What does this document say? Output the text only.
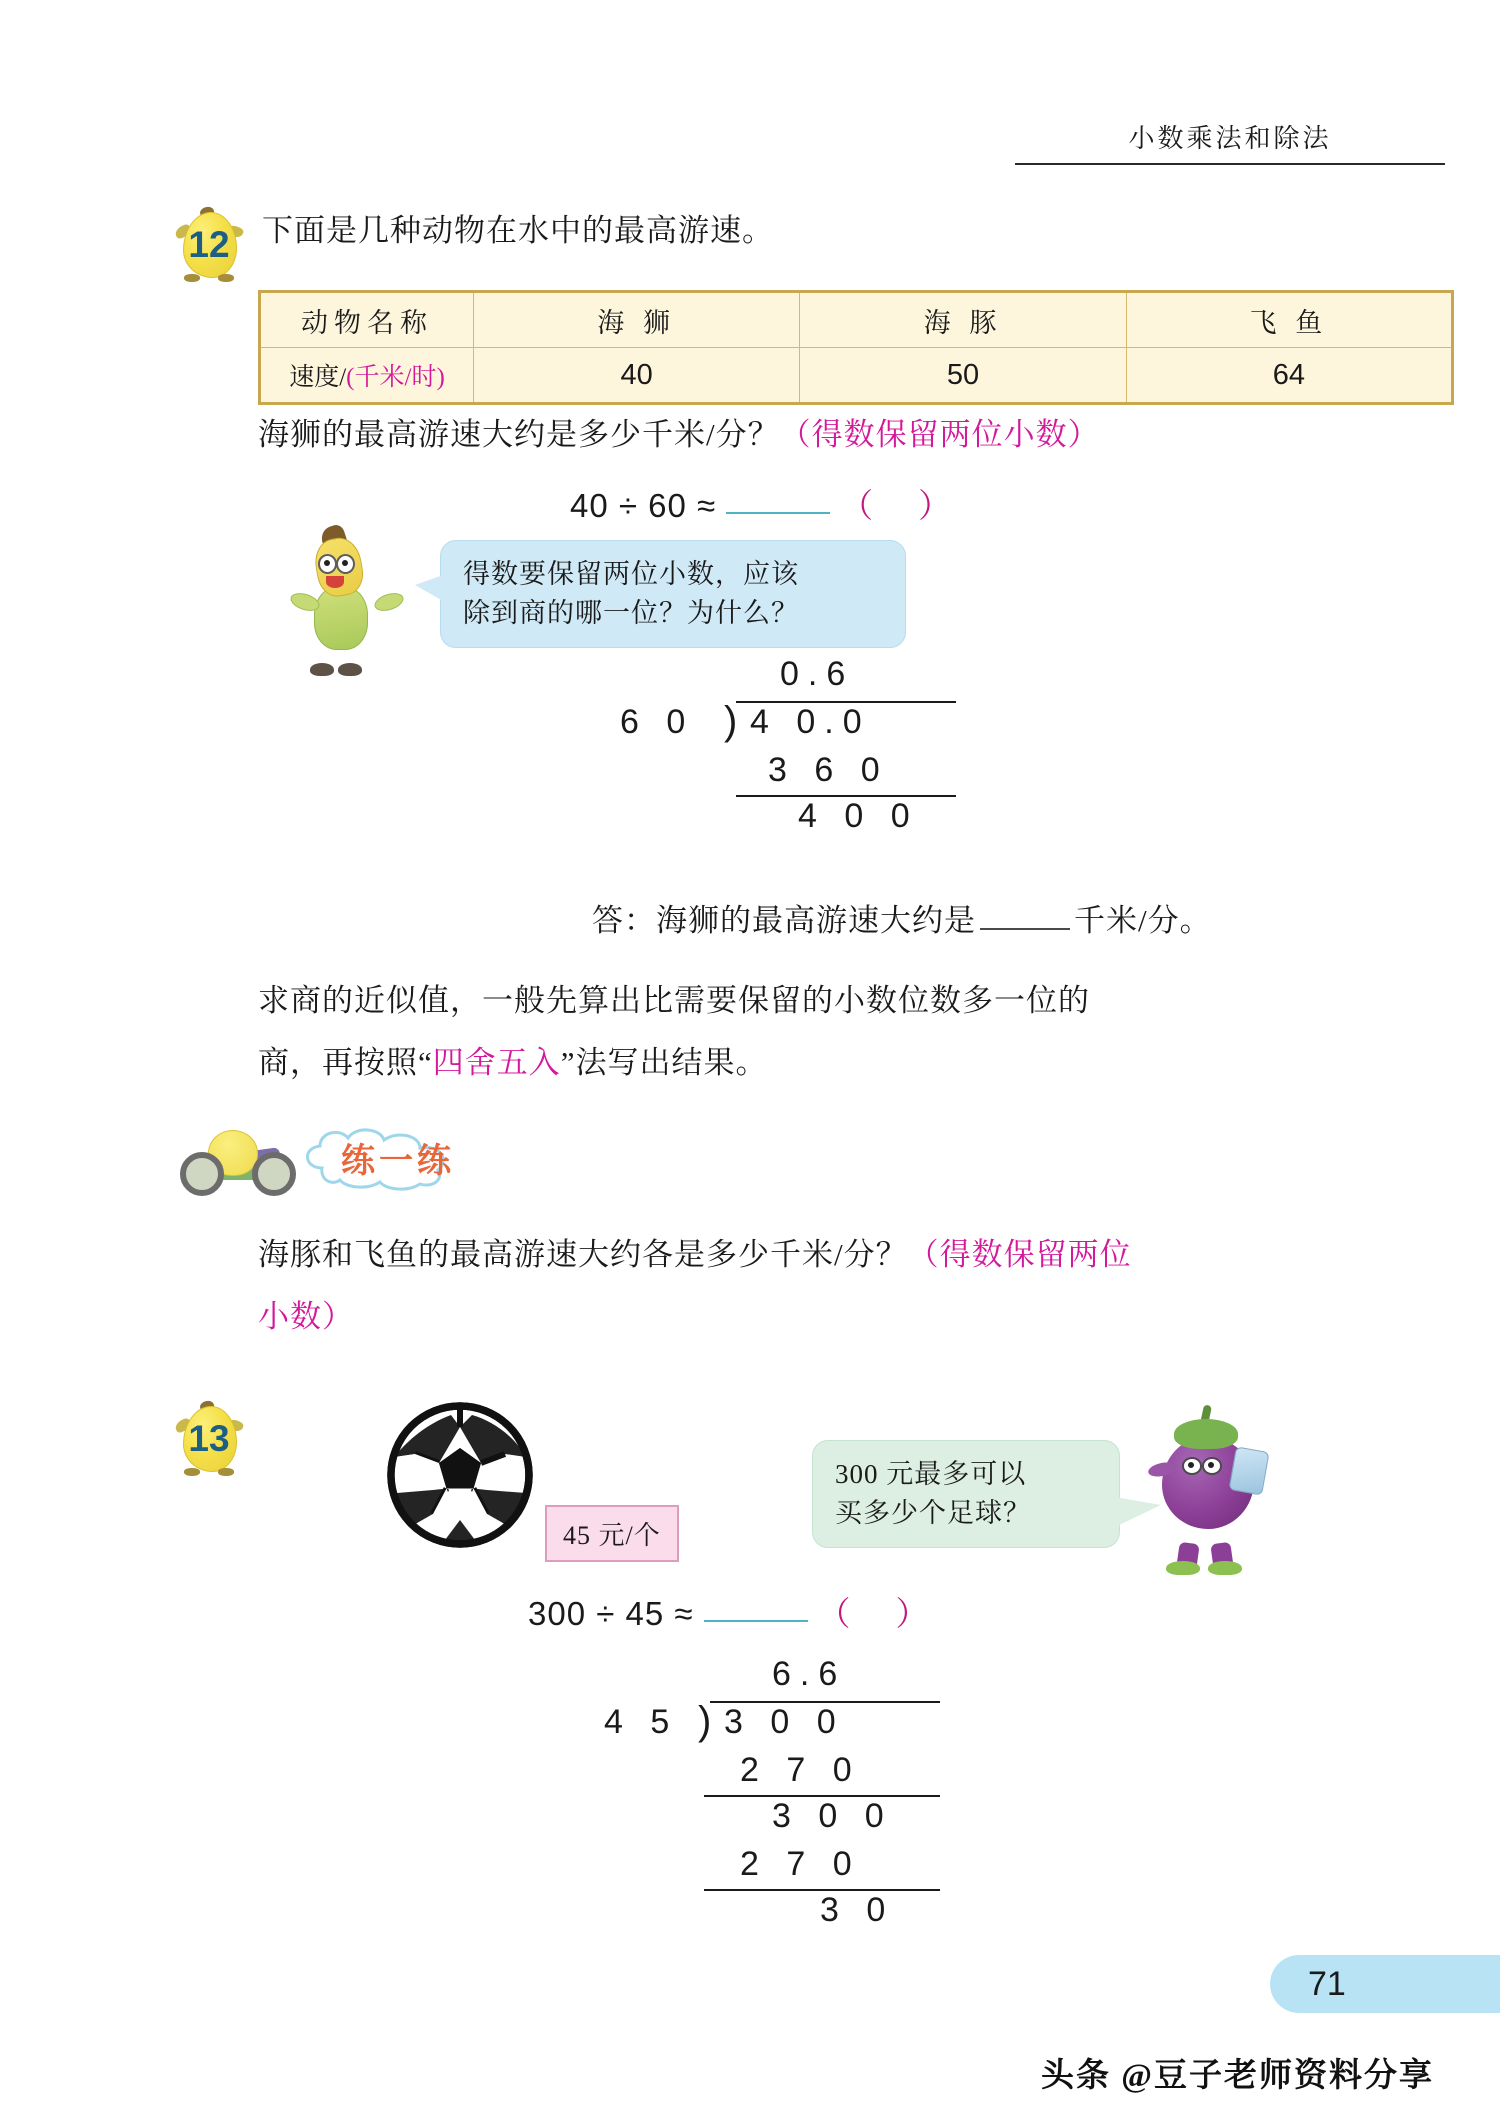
小数乘法和除法
12	下面是几种动物在水中的最高游速。
动物名称	海 狮	海 豚	飞 鱼
速度/(千米/时)	40	50	64
海狮的最高游速大约是多少千米/分？（得数保留两位小数）
40 ÷ 60 ≈	（ ）
得数要保留两位小数，应该
除到商的哪一位？为什么？
0.6
6 0 ) 4 0.0
3 6 0
4 0 0
答：海狮的最高游速大约是	千米/分。
求商的近似值，一般先算出比需要保留的小数位数多一位的
商，再按照“四舍五入”法写出结果。
练一练
海豚和飞鱼的最高游速大约各是多少千米/分？（得数保留两位
小数）
13
45 元/个
300 元最多可以
买多少个足球？
300 ÷ 45 ≈	（ ）
6.6
4 5 ) 3 0 0
2 7 0
3 0 0
2 7 0
3 0
71
头条 @豆子老师资料分享
